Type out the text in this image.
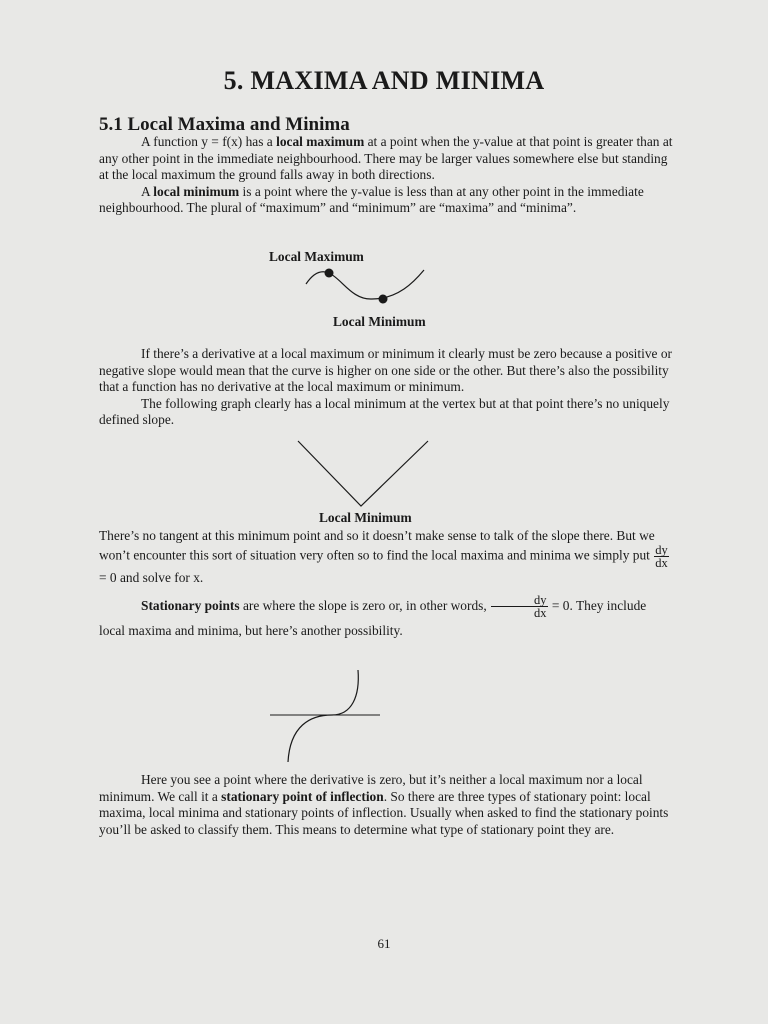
5. MAXIMA AND MINIMA
5.1 Local Maxima and Minima

A function y = f(x) has a local maximum at a point when the y-value at that point is greater than at any other point in the immediate neighbourhood. There may be larger values somewhere else but standing at the local maximum the ground falls away in both directions.

A local minimum is a point where the y-value is less than at any other point in the immediate neighbourhood. The plural of “maximum” and “minimum” are “maxima” and “minima”.

Local Maximum
Local Minimum

If there’s a derivative at a local maximum or minimum it clearly must be zero because a positive or negative slope would mean that the curve is higher on one side or the other. But there’s also the possibility that a function has no derivative at the local maximum or minimum.

The following graph clearly has a local minimum at the vertex but at that point there’s no uniquely defined slope.

Local Minimum

There’s no tangent at this minimum point and so it doesn’t make sense to talk of the slope there. But we won’t encounter this sort of situation very often so to find the local maxima and minima we simply put $\frac{dy}{dx}$
= 0 and solve for x.

Stationary points are where the slope is zero or, in other words, $\frac{dy}{dx} = 0$. They include local maxima and minima, but here’s another possibility.

Here you see a point where the derivative is zero, but it’s neither a local maximum nor a local minimum. We call it a stationary point of inflection. So there are three types of stationary point: local maxima, local minima and stationary points of inflection. Usually when asked to find the stationary points you’ll be asked to classify them. This means to determine what type of stationary point they are.

61
